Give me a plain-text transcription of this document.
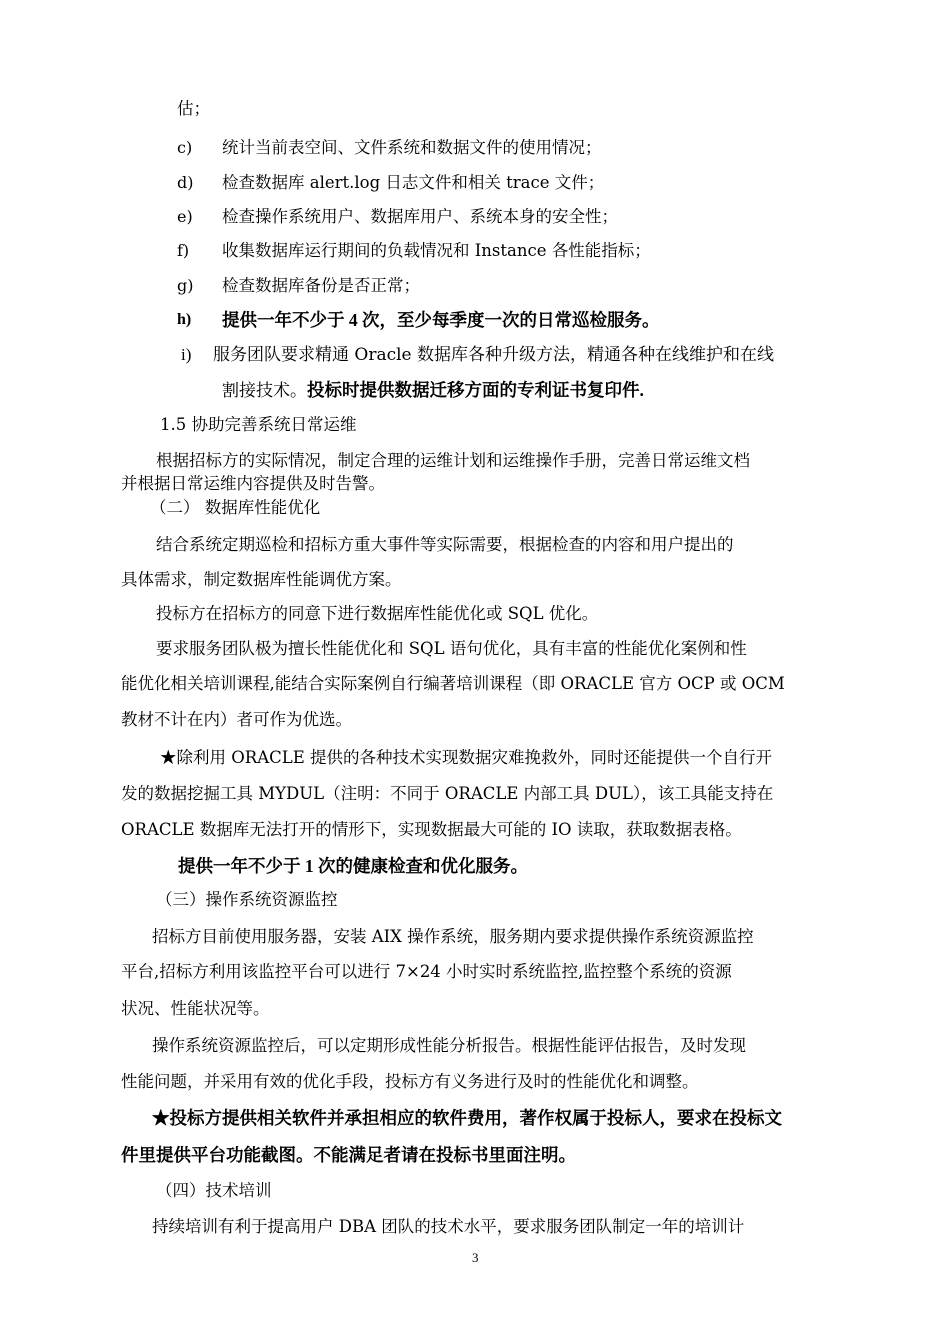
估；
c) 统计当前表空间、文件系统和数据文件的使用情况；
d) 检查数据库 alert.log 日志文件和相关 trace 文件；
e) 检查操作系统用户、数据库用户、系统本身的安全性；
f) 收集数据库运行期间的负载情况和 Instance 各性能指标；
g) 检查数据库备份是否正常；
h) 提供一年不少于 4 次，至少每季度一次的日常巡检服务。
i) 服务团队要求精通 Oracle 数据库各种升级方法，精通各种在线维护和在线
割接技术。投标时提供数据迁移方面的专利证书复印件.
1.5 协助完善系统日常运维
根据招标方的实际情况，制定合理的运维计划和运维操作手册，完善日常运维文档
并根据日常运维内容提供及时告警。
（二） 数据库性能优化
结合系统定期巡检和招标方重大事件等实际需要，根据检查的内容和用户提出的
具体需求，制定数据库性能调优方案。
投标方在招标方的同意下进行数据库性能优化或 SQL 优化。
要求服务团队极为擅长性能优化和 SQL 语句优化，具有丰富的性能优化案例和性
能优化相关培训课程,能结合实际案例自行编著培训课程（即 ORACLE 官方 OCP 或 OCM
教材不计在内）者可作为优选。
★除利用 ORACLE 提供的各种技术实现数据灾难挽救外，同时还能提供一个自行开
发的数据挖掘工具 MYDUL（注明：不同于 ORACLE 内部工具 DUL），该工具能支持在
ORACLE 数据库无法打开的情形下，实现数据最大可能的 IO 读取，获取数据表格。
提供一年不少于 1 次的健康检查和优化服务。
（三）操作系统资源监控
招标方目前使用服务器，安装 AIX 操作系统，服务期内要求提供操作系统资源监控
平台,招标方利用该监控平台可以进行 7×24 小时实时系统监控,监控整个系统的资源
状况、性能状况等。
操作系统资源监控后，可以定期形成性能分析报告。根据性能评估报告，及时发现
性能问题，并采用有效的优化手段，投标方有义务进行及时的性能优化和调整。
★投标方提供相关软件并承担相应的软件费用，著作权属于投标人，要求在投标文
件里提供平台功能截图。不能满足者请在投标书里面注明。
（四）技术培训
持续培训有利于提高用户 DBA 团队的技术水平，要求服务团队制定一年的培训计
3
